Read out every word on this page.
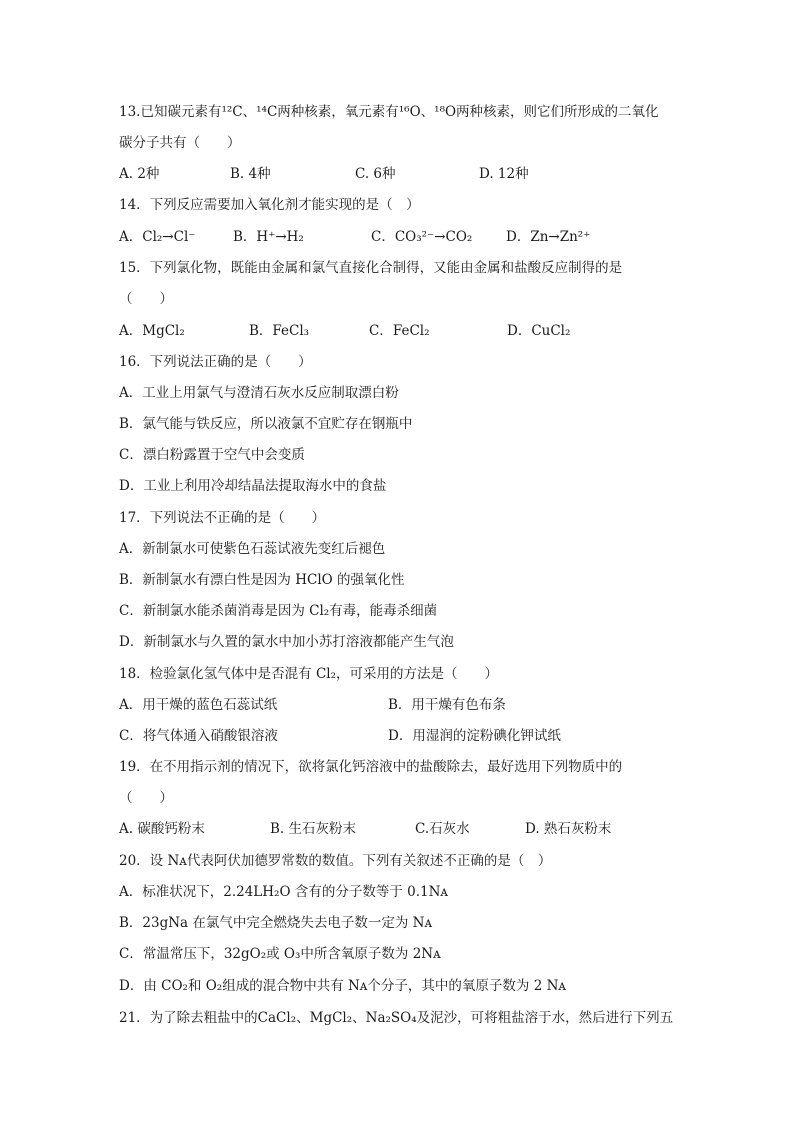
13.已知碳元素有¹²C、¹⁴C两种核素，氧元素有¹⁶O、¹⁸O两种核素，则它们所形成的二氧化
碳分子共有（　　）
A. 2种	B. 4种	C. 6种	D. 12种
14．下列反应需要加入氧化剂才能实现的是（　）
A．Cl₂→Cl⁻	B．H⁺→H₂	C．CO₃²⁻→CO₂ D．Zn→Zn²⁺
15．下列氯化物，既能由金属和氯气直接化合制得，又能由金属和盐酸反应制得的是
（　　）
A．MgCl₂	B．FeCl₃	C．FeCl₂	D．CuCl₂
16．下列说法正确的是（　　）
A．工业上用氯气与澄清石灰水反应制取漂白粉
B．氯气能与铁反应，所以液氯不宜贮存在钢瓶中
C．漂白粉露置于空气中会变质
D．工业上利用冷却结晶法提取海水中的食盐
17．下列说法不正确的是（　　）
A．新制氯水可使紫色石蕊试液先变红后褪色
B．新制氯水有漂白性是因为 HClO 的强氧化性
C．新制氯水能杀菌消毒是因为 Cl₂有毒，能毒杀细菌
D．新制氯水与久置的氯水中加小苏打溶液都能产生气泡
18．检验氯化氢气体中是否混有 Cl₂，可采用的方法是（　　）
A．用干燥的蓝色石蕊试纸	B．用干燥有色布条
C．将气体通入硝酸银溶液	D．用湿润的淀粉碘化钾试纸
19．在不用指示剂的情况下，欲将氯化钙溶液中的盐酸除去，最好选用下列物质中的
（　　）
A. 碳酸钙粉末	B. 生石灰粉末	C.石灰水	D. 熟石灰粉末
20．设 Nᴀ代表阿伏加德罗常数的数值。下列有关叙述不正确的是（　）
A．标准状况下，2.24LH₂O 含有的分子数等于 0.1Nᴀ
B．23gNa 在氯气中完全燃烧失去电子数一定为 Nᴀ
C．常温常压下，32gO₂或 O₃中所含氧原子数为 2Nᴀ
D．由 CO₂和 O₂组成的混合物中共有 Nᴀ个分子，其中的氧原子数为 2 Nᴀ
21．为了除去粗盐中的CaCl₂、MgCl₂、Na₂SO₄及泥沙，可将粗盐溶于水，然后进行下列五
